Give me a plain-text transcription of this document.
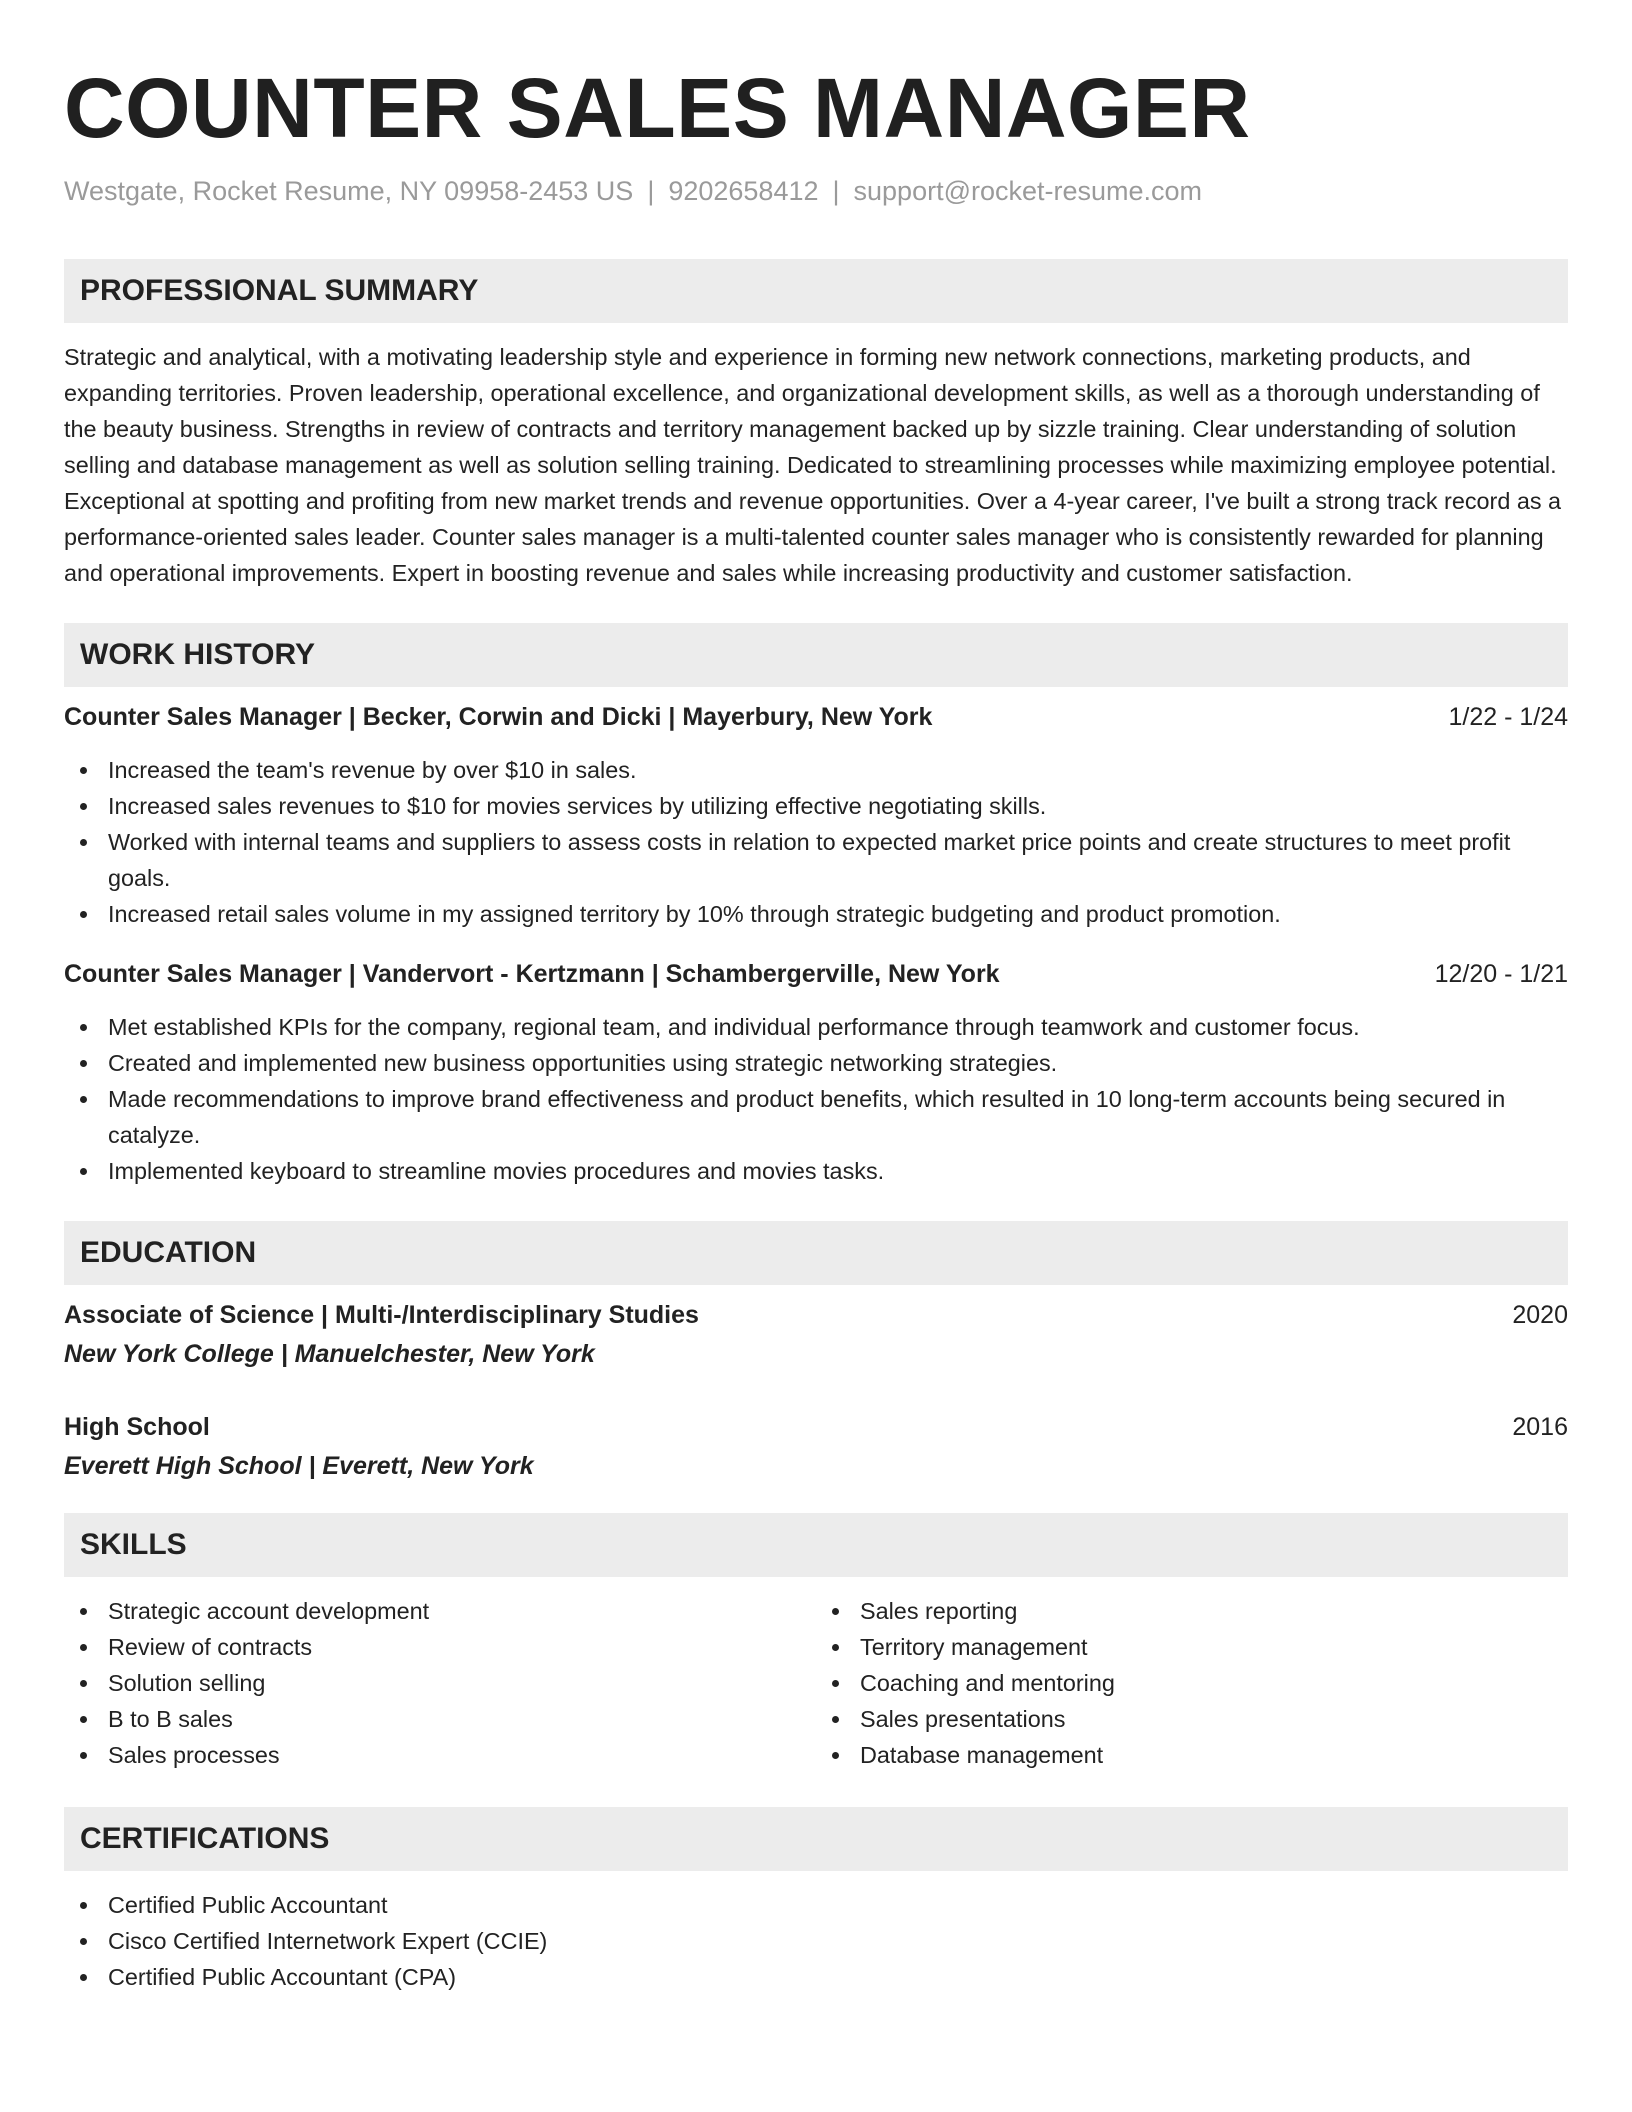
COUNTER SALES MANAGER
Westgate, Rocket Resume, NY 09958-2453 US | 9202658412 | support@rocket-resume.com
PROFESSIONAL SUMMARY

Strategic and analytical, with a motivating leadership style and experience in forming new network connections, marketing products, and expanding territories. Proven leadership, operational excellence, and organizational development skills, as well as a thorough understanding of the beauty business. Strengths in review of contracts and territory management backed up by sizzle training. Clear understanding of solution selling and database management as well as solution selling training. Dedicated to streamlining processes while maximizing employee potential. Exceptional at spotting and profiting from new market trends and revenue opportunities. Over a 4-year career, I've built a strong track record as a performance-oriented sales leader. Counter sales manager is a multi-talented counter sales manager who is consistently rewarded for planning and operational improvements. Expert in boosting revenue and sales while increasing productivity and customer satisfaction.

WORK HISTORY
Counter Sales Manager | Becker, Corwin and Dicki | Mayerbury, New York	1/22 - 1/24
Increased the team's revenue by over $10 in sales.
Increased sales revenues to $10 for movies services by utilizing effective negotiating skills.
Worked with internal teams and suppliers to assess costs in relation to expected market price points and create structures to meet profit goals.
Increased retail sales volume in my assigned territory by 10% through strategic budgeting and product promotion.
Counter Sales Manager | Vandervort - Kertzmann | Schambergerville, New York	12/20 - 1/21
Met established KPIs for the company, regional team, and individual performance through teamwork and customer focus.
Created and implemented new business opportunities using strategic networking strategies.
Made recommendations to improve brand effectiveness and product benefits, which resulted in 10 long-term accounts being secured in catalyze.
Implemented keyboard to streamline movies procedures and movies tasks.
EDUCATION
Associate of Science | Multi-/Interdisciplinary Studies	2020
New York College | Manuelchester, New York
High School	2016
Everett High School | Everett, New York
SKILLS
Strategic account development
Review of contracts
Solution selling
B to B sales
Sales processes
Sales reporting
Territory management
Coaching and mentoring
Sales presentations
Database management
CERTIFICATIONS
Certified Public Accountant
Cisco Certified Internetwork Expert (CCIE)
Certified Public Accountant (CPA)
